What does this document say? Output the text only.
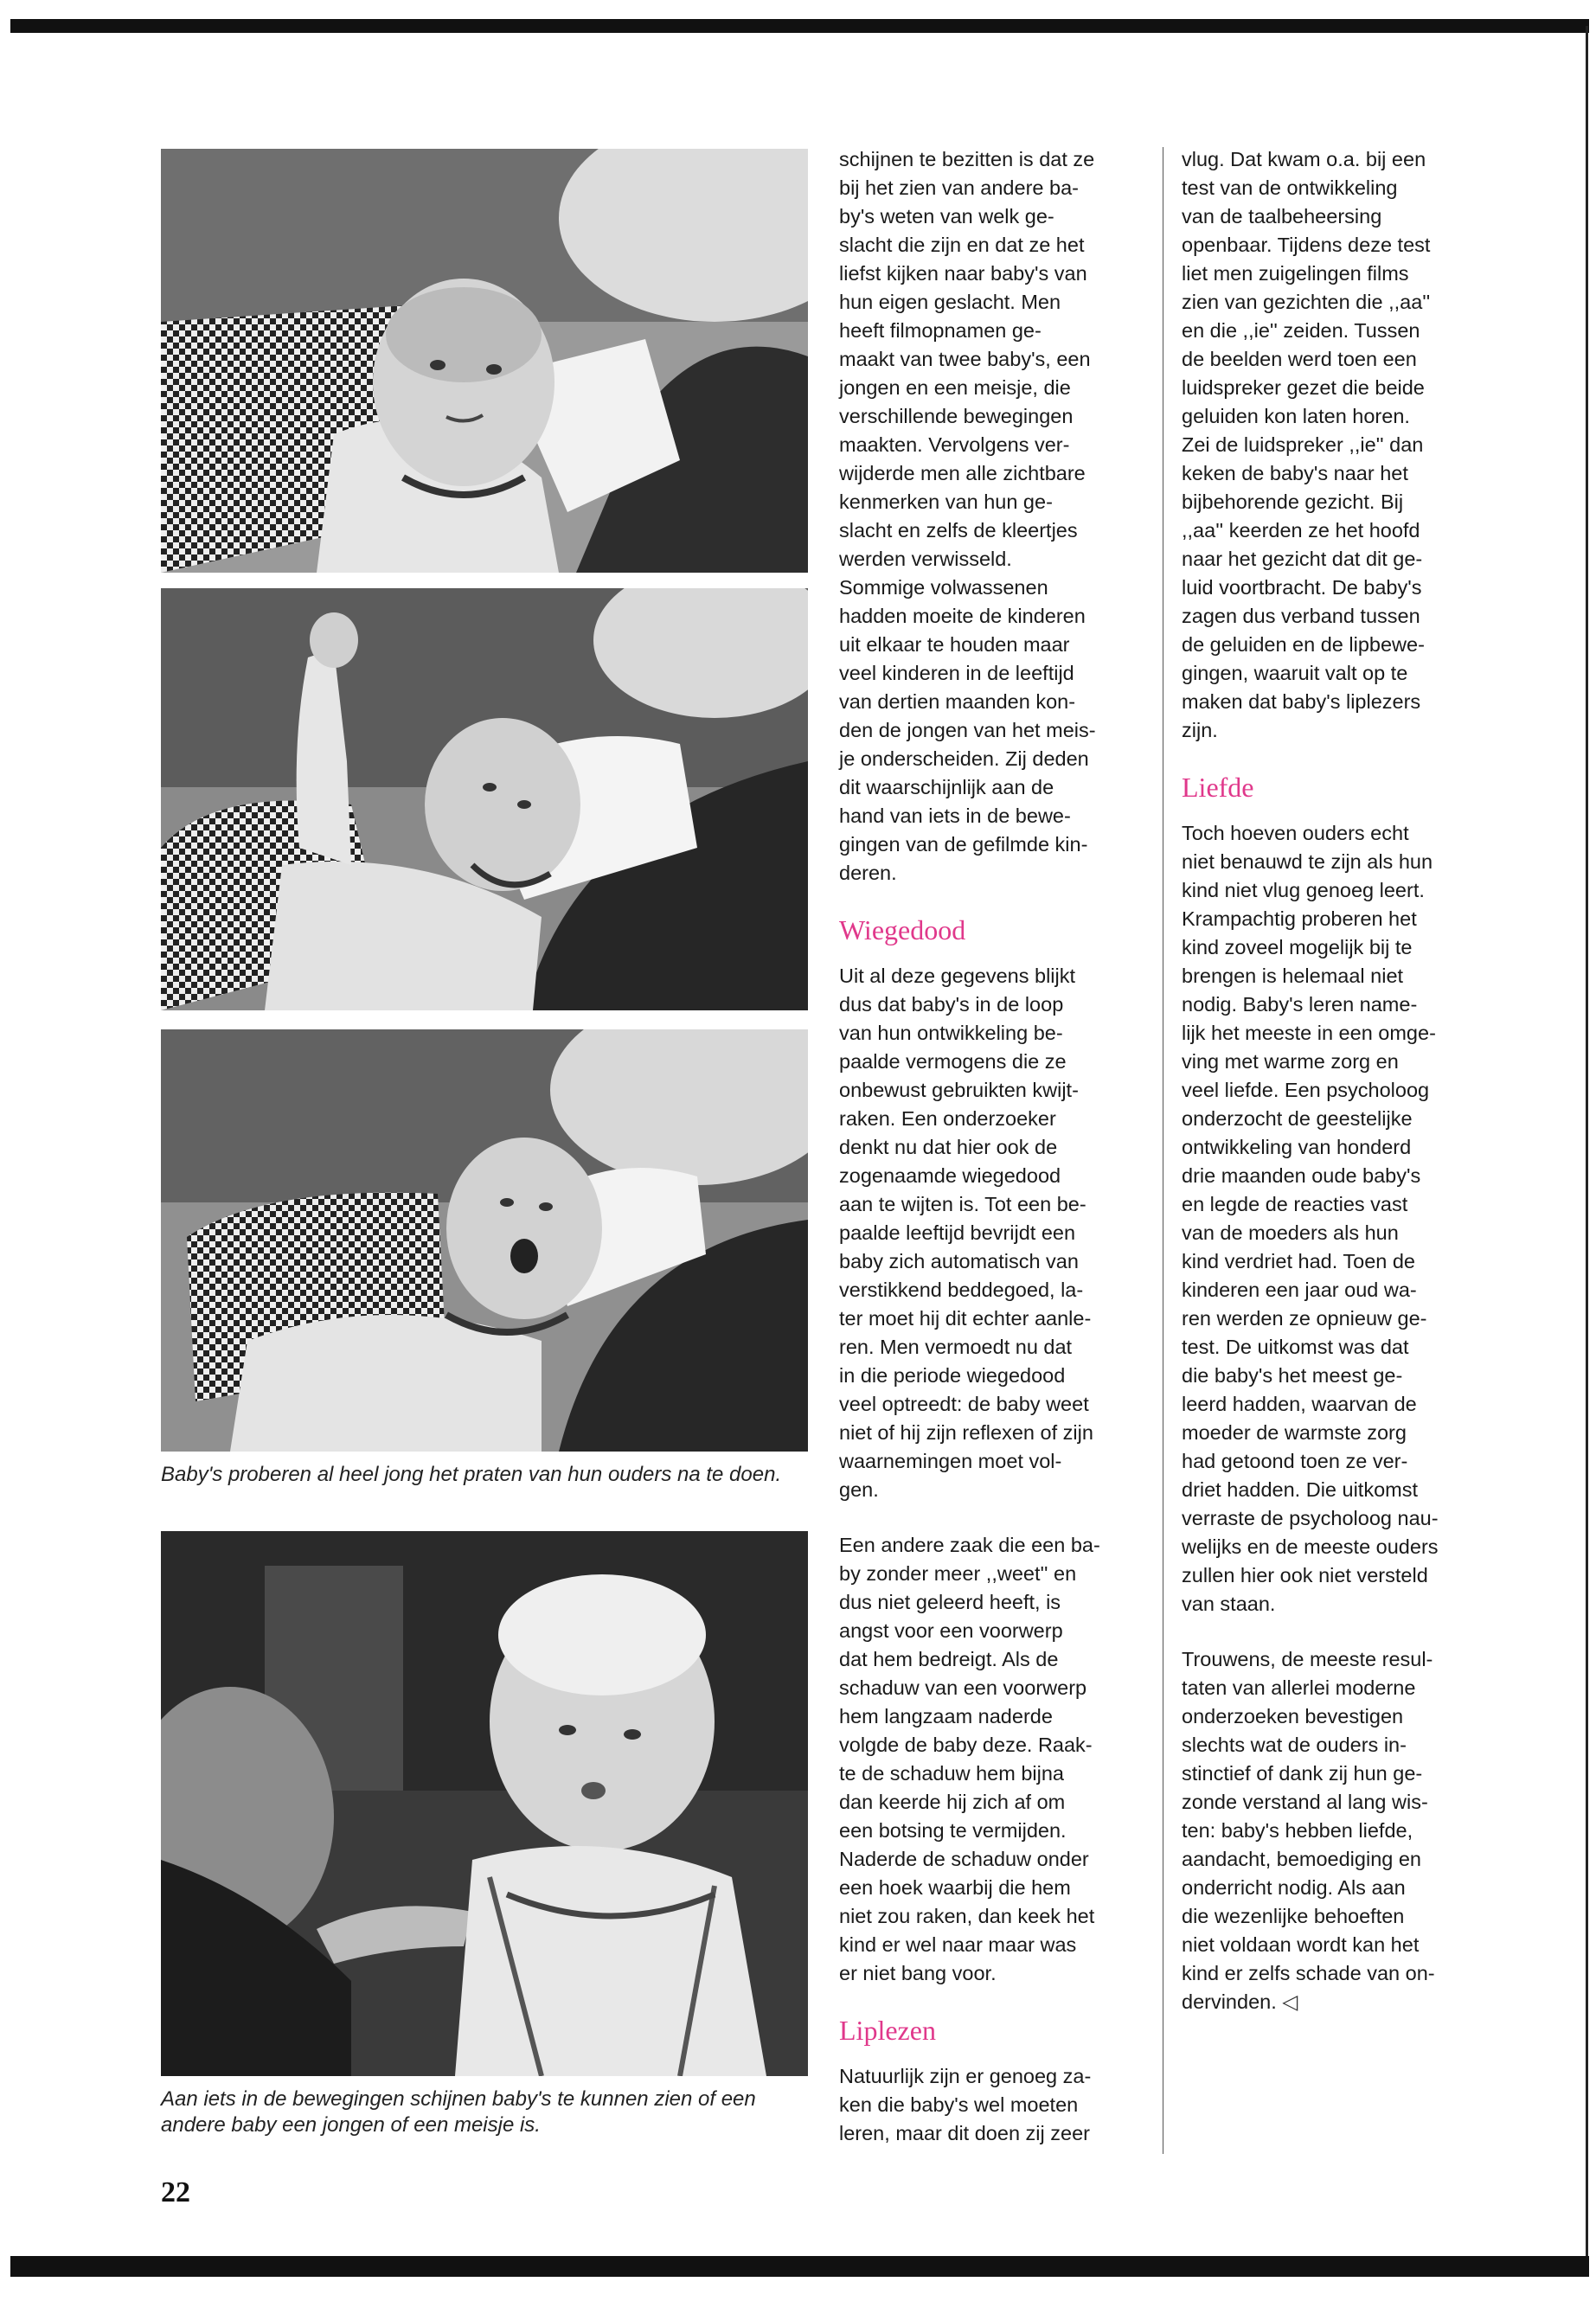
Baby's proberen al heel jong het praten van hun ouders na te doen.
Aan iets in de bewegingen schijnen baby's te kunnen zien of een andere baby een jongen of een meisje is.

schijnen te bezitten is dat ze
bij het zien van andere ba-
by's weten van welk ge-
slacht die zijn en dat ze het
liefst kijken naar baby's van
hun eigen geslacht. Men
heeft filmopnamen ge-
maakt van twee baby's, een
jongen en een meisje, die
verschillende bewegingen
maakten. Vervolgens ver-
wijderde men alle zichtbare
kenmerken van hun ge-
slacht en zelfs de kleertjes
werden verwisseld.
Sommige volwassenen
hadden moeite de kinderen
uit elkaar te houden maar
veel kinderen in de leeftijd
van dertien maanden kon-
den de jongen van het meis-
je onderscheiden. Zij deden
dit waarschijnlijk aan de
hand van iets in de bewe-
gingen van de gefilmde kin-
deren.

Wiegedood

Uit al deze gegevens blijkt
dus dat baby's in de loop
van hun ontwikkeling be-
paalde vermogens die ze
onbewust gebruikten kwijt-
raken. Een onderzoeker
denkt nu dat hier ook de
zogenaamde wiegedood
aan te wijten is. Tot een be-
paalde leeftijd bevrijdt een
baby zich automatisch van
verstikkend beddegoed, la-
ter moet hij dit echter aanle-
ren. Men vermoedt nu dat
in die periode wiegedood
veel optreedt: de baby weet
niet of hij zijn reflexen of zijn
waarnemingen moet vol-
gen.

Een andere zaak die een ba-
by zonder meer ,,weet'' en
dus niet geleerd heeft, is
angst voor een voorwerp
dat hem bedreigt. Als de
schaduw van een voorwerp
hem langzaam naderde
volgde de baby deze. Raak-
te de schaduw hem bijna
dan keerde hij zich af om
een botsing te vermijden.
Naderde de schaduw onder
een hoek waarbij die hem
niet zou raken, dan keek het
kind er wel naar maar was
er niet bang voor.

Liplezen

Natuurlijk zijn er genoeg za-
ken die baby's wel moeten
leren, maar dit doen zij zeer

vlug. Dat kwam o.a. bij een
test van de ontwikkeling
van de taalbeheersing
openbaar. Tijdens deze test
liet men zuigelingen films
zien van gezichten die ,,aa''
en die ,,ie'' zeiden. Tussen
de beelden werd toen een
luidspreker gezet die beide
geluiden kon laten horen.
Zei de luidspreker ,,ie'' dan
keken de baby's naar het
bijbehorende gezicht. Bij
,,aa'' keerden ze het hoofd
naar het gezicht dat dit ge-
luid voortbracht. De baby's
zagen dus verband tussen
de geluiden en de lipbewe-
gingen, waaruit valt op te
maken dat baby's liplezers
zijn.

Liefde

Toch hoeven ouders echt
niet benauwd te zijn als hun
kind niet vlug genoeg leert.
Krampachtig proberen het
kind zoveel mogelijk bij te
brengen is helemaal niet
nodig. Baby's leren name-
lijk het meeste in een omge-
ving met warme zorg en
veel liefde. Een psycholoog
onderzocht de geestelijke
ontwikkeling van honderd
drie maanden oude baby's
en legde de reacties vast
van de moeders als hun
kind verdriet had. Toen de
kinderen een jaar oud wa-
ren werden ze opnieuw ge-
test. De uitkomst was dat
die baby's het meest ge-
leerd hadden, waarvan de
moeder de warmste zorg
had getoond toen ze ver-
driet hadden. Die uitkomst
verraste de psycholoog nau-
welijks en de meeste ouders
zullen hier ook niet versteld
van staan.

Trouwens, de meeste resul-
taten van allerlei moderne
onderzoeken bevestigen
slechts wat de ouders in-
stinctief of dank zij hun ge-
zonde verstand al lang wis-
ten: baby's hebben liefde,
aandacht, bemoediging en
onderricht nodig. Als aan
die wezenlijke behoeften
niet voldaan wordt kan het
kind er zelfs schade van on-
dervinden. ◁

22
